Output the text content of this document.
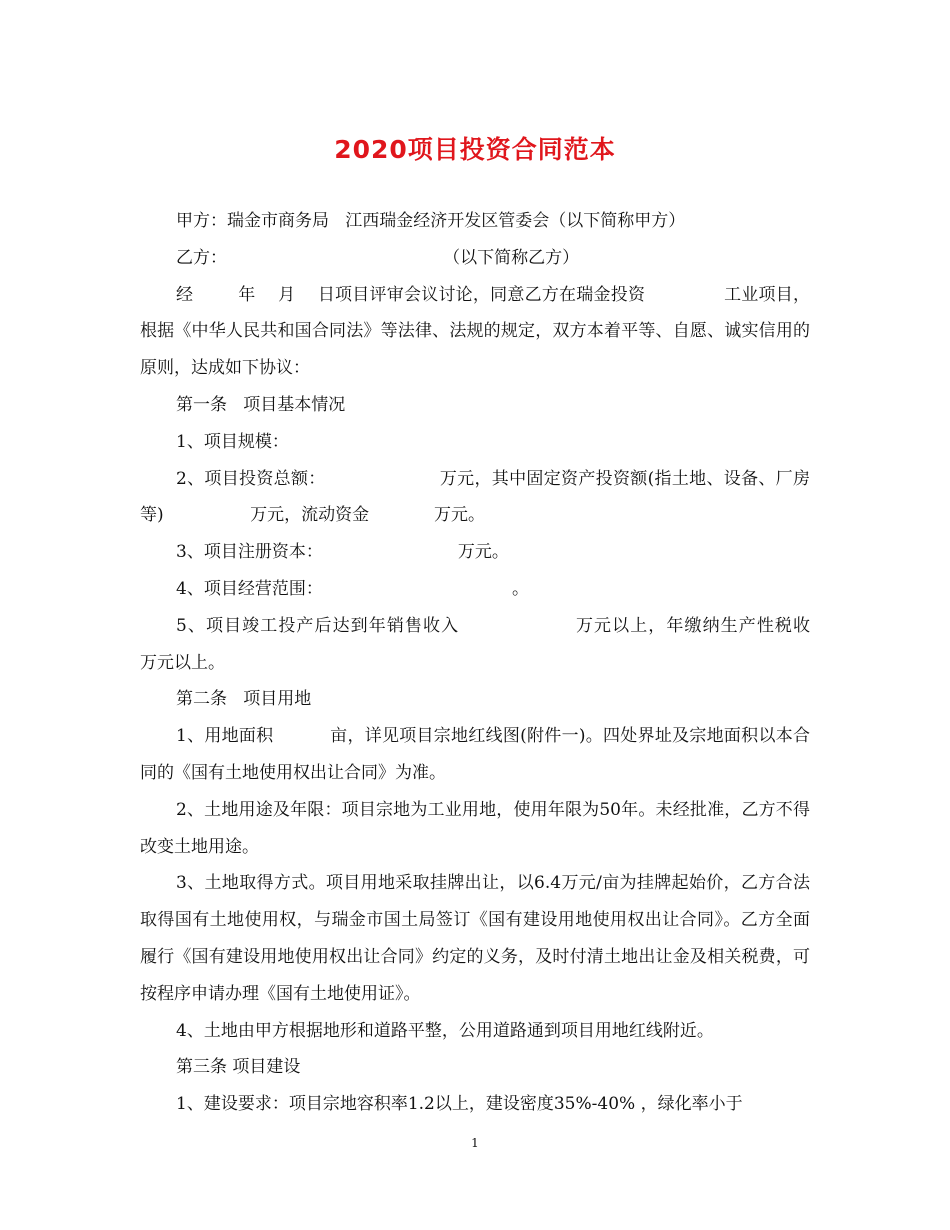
2020项目投资合同范本

甲方：瑞金市商务局   江西瑞金经济开发区管委会（以下简称甲方）

乙方：                                        （以下简称乙方）

经        年    月    日项目评审会议讨论，同意乙方在瑞金投资              工业项目，根据《中华人民共和国合同法》等法律、法规的规定，双方本着平等、自愿、诚实信用的原则，达成如下协议：

第一条   项目基本情况

1、项目规模：

2、项目投资总额：                    万元，其中固定资产投资额(指土地、设备、厂房等)                万元，流动资金            万元。

3、项目注册资本：                         万元。

4、项目经营范围：                                   。

5、项目竣工投产后达到年销售收入                  万元以上，年缴纳生产性税收                  万元以上。

第二条   项目用地

1、用地面积          亩，详见项目宗地红线图(附件一)。四处界址及宗地面积以本合同的《国有土地使用权出让合同》为准。

2、土地用途及年限：项目宗地为工业用地，使用年限为50年。未经批准，乙方不得改变土地用途。

3、土地取得方式。项目用地采取挂牌出让，以6.4万元/亩为挂牌起始价，乙方合法取得国有土地使用权，与瑞金市国土局签订《国有建设用地使用权出让合同》。乙方全面履行《国有建设用地使用权出让合同》约定的义务，及时付清土地出让金及相关税费，可按程序申请办理《国有土地使用证》。

4、土地由甲方根据地形和道路平整，公用道路通到项目用地红线附近。

第三条 项目建设

1、建设要求：项目宗地容积率1.2以上，建设密度35%-40% ，绿化率小于

1
